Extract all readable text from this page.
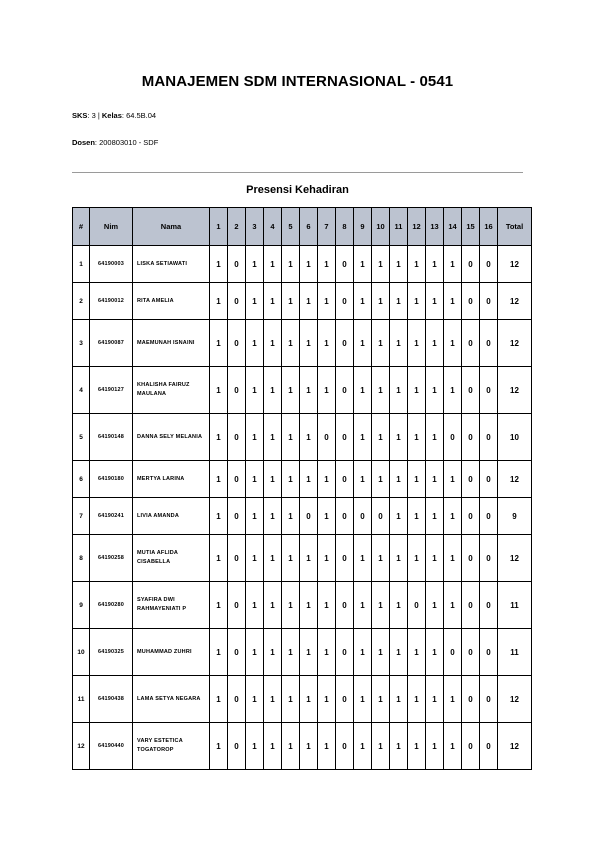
MANAJEMEN SDM INTERNASIONAL - 0541
SKS: 3 | Kelas: 64.5B.04
Dosen: 200803010 - SDF
Presensi Kehadiran
#	Nim	Nama	1	2	3	4	5	6	7	8	9	10	11	12	13	14	15	16	Total
1	64190003	LISKA SETIAWATI	1	0	1	1	1	1	1	0	1	1	1	1	1	1	0	0	12
2	64190012	RITA AMELIA	1	0	1	1	1	1	1	0	1	1	1	1	1	1	0	0	12
3	64190087	MAEMUNAH ISNAINI	1	0	1	1	1	1	1	0	1	1	1	1	1	1	0	0	12
4	64190127	KHALISHA FAIRUZ MAULANA	1	0	1	1	1	1	1	0	1	1	1	1	1	1	0	0	12
5	64190148	DANNA SELY MELANIA	1	0	1	1	1	1	0	0	1	1	1	1	1	0	0	0	10
6	64190180	MERTYA LARINA	1	0	1	1	1	1	1	0	1	1	1	1	1	1	0	0	12
7	64190241	LIVIA AMANDA	1	0	1	1	1	0	1	0	0	0	1	1	1	1	0	0	9
8	64190258	MUTIA AFLIDA CISABELLA	1	0	1	1	1	1	1	0	1	1	1	1	1	1	0	0	12
9	64190280	SYAFIRA DWI RAHMAYENIATI P	1	0	1	1	1	1	1	0	1	1	1	0	1	1	0	0	11
10	64190325	MUHAMMAD ZUHRI	1	0	1	1	1	1	1	0	1	1	1	1	1	0	0	0	11
11	64190438	LAMA SETYA NEGARA	1	0	1	1	1	1	1	0	1	1	1	1	1	1	0	0	12
12	64190440	VARY ESTETICA TOGATOROP	1	0	1	1	1	1	1	0	1	1	1	1	1	1	0	0	12
